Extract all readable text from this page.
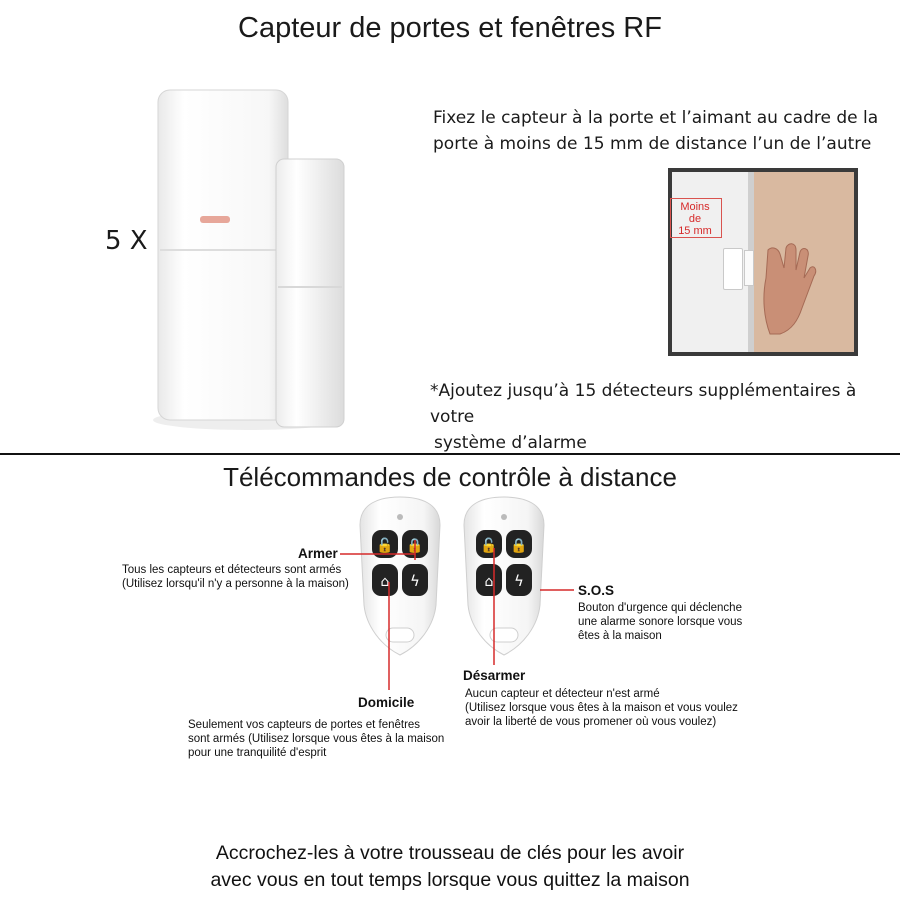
Capteur de portes et fenêtres RF
5 X
Fixez le capteur à la porte et l’aimant au cadre de la
porte à moins de 15 mm de distance l’un de l’autre
Moins
de
15 mm
*Ajoutez jusqu’à 15 détecteurs supplémentaires à votre
système d’alarme
Télécommandes de contrôle à distance
🔓 🔒
⌂ ϟ
🔓 🔒
⌂ ϟ
Armer
Tous les capteurs et détecteurs sont armés
(Utilisez lorsqu'il n'y a personne à la maison)	S.O.S
Bouton d'urgence qui déclenche
une alarme sonore lorsque vous
êtes à la maison
Désarmer
Aucun capteur et détecteur n'est armé
(Utilisez lorsque vous êtes à la maison et vous voulez
avoir la liberté de vous promener où vous voulez)
Domicile
Seulement vos capteurs de portes et fenêtres
sont armés (Utilisez lorsque vous êtes à la maison
pour une tranquilité d'esprit
Accrochez-les à votre trousseau de clés pour les avoir
avec vous en tout temps lorsque vous quittez la maison
